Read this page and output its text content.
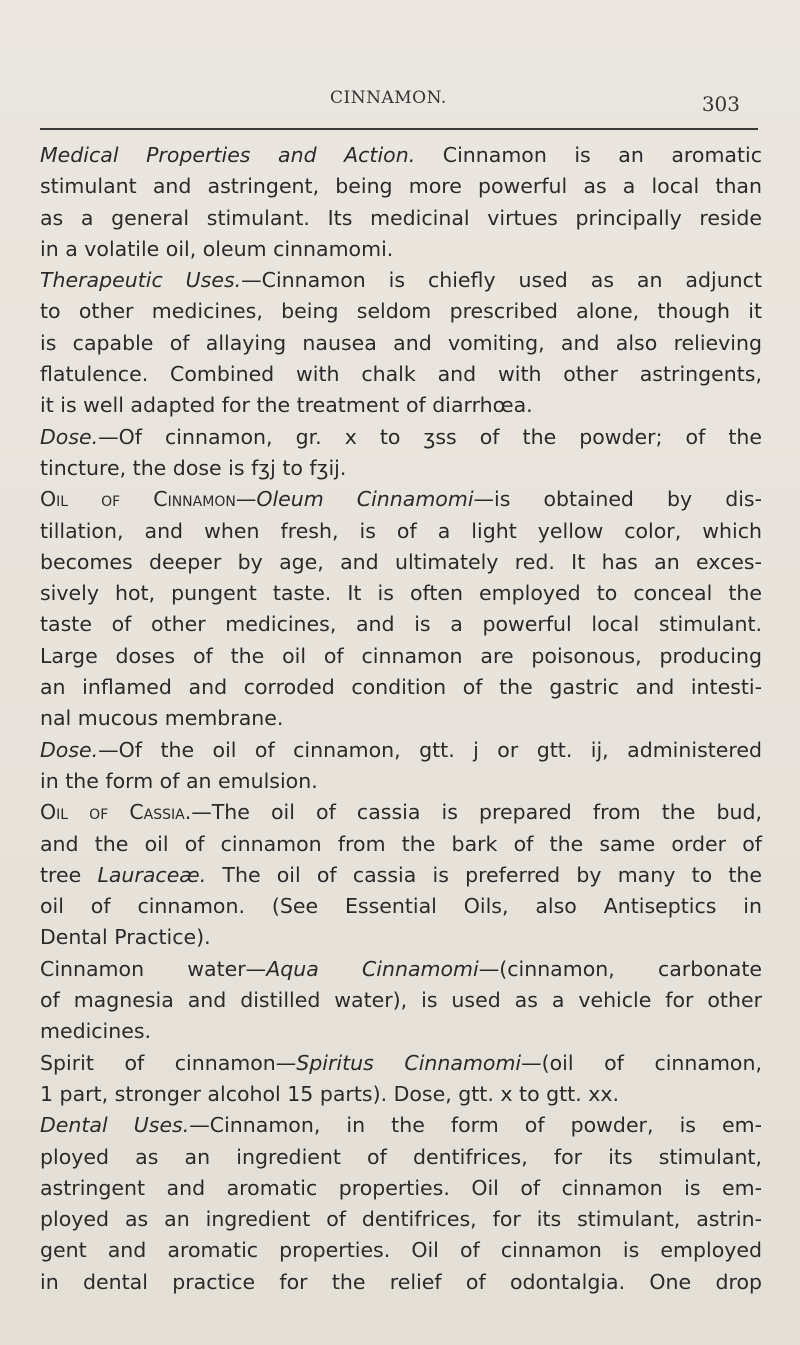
CINNAMON.	303
Medical Properties and Action. Cinnamon is an aromatic
stimulant and astringent, being more powerful as a local than
as a general stimulant. Its medicinal virtues principally reside
in a volatile oil, oleum cinnamomi.
Therapeutic Uses.—Cinnamon is chiefly used as an adjunct
to other medicines, being seldom prescribed alone, though it
is capable of allaying nausea and vomiting, and also relieving
flatulence. Combined with chalk and with other astringents,
it is well adapted for the treatment of diarrhœa.
Dose.—Of cinnamon, gr. x to ʒss of the powder; of the
tincture, the dose is fʒj to fʒij.
Oil of Cinnamon—Oleum Cinnamomi—is obtained by dis-
tillation, and when fresh, is of a light yellow color, which
becomes deeper by age, and ultimately red. It has an exces-
sively hot, pungent taste. It is often employed to conceal the
taste of other medicines, and is a powerful local stimulant.
Large doses of the oil of cinnamon are poisonous, producing
an inflamed and corroded condition of the gastric and intesti-
nal mucous membrane.
Dose.—Of the oil of cinnamon, gtt. j or gtt. ij, administered
in the form of an emulsion.
Oil of Cassia.—The oil of cassia is prepared from the bud,
and the oil of cinnamon from the bark of the same order of
tree Lauraceæ. The oil of cassia is preferred by many to the
oil of cinnamon. (See Essential Oils, also Antiseptics in
Dental Practice).
Cinnamon water—Aqua Cinnamomi—(cinnamon, carbonate
of magnesia and distilled water), is used as a vehicle for other
medicines.
Spirit of cinnamon—Spiritus Cinnamomi—(oil of cinnamon,
1 part, stronger alcohol 15 parts). Dose, gtt. x to gtt. xx.
Dental Uses.—Cinnamon, in the form of powder, is em-
ployed as an ingredient of dentifrices, for its stimulant,
astringent and aromatic properties. Oil of cinnamon is em-
ployed as an ingredient of dentifrices, for its stimulant, astrin-
gent and aromatic properties. Oil of cinnamon is employed
in dental practice for the relief of odontalgia. One drop
